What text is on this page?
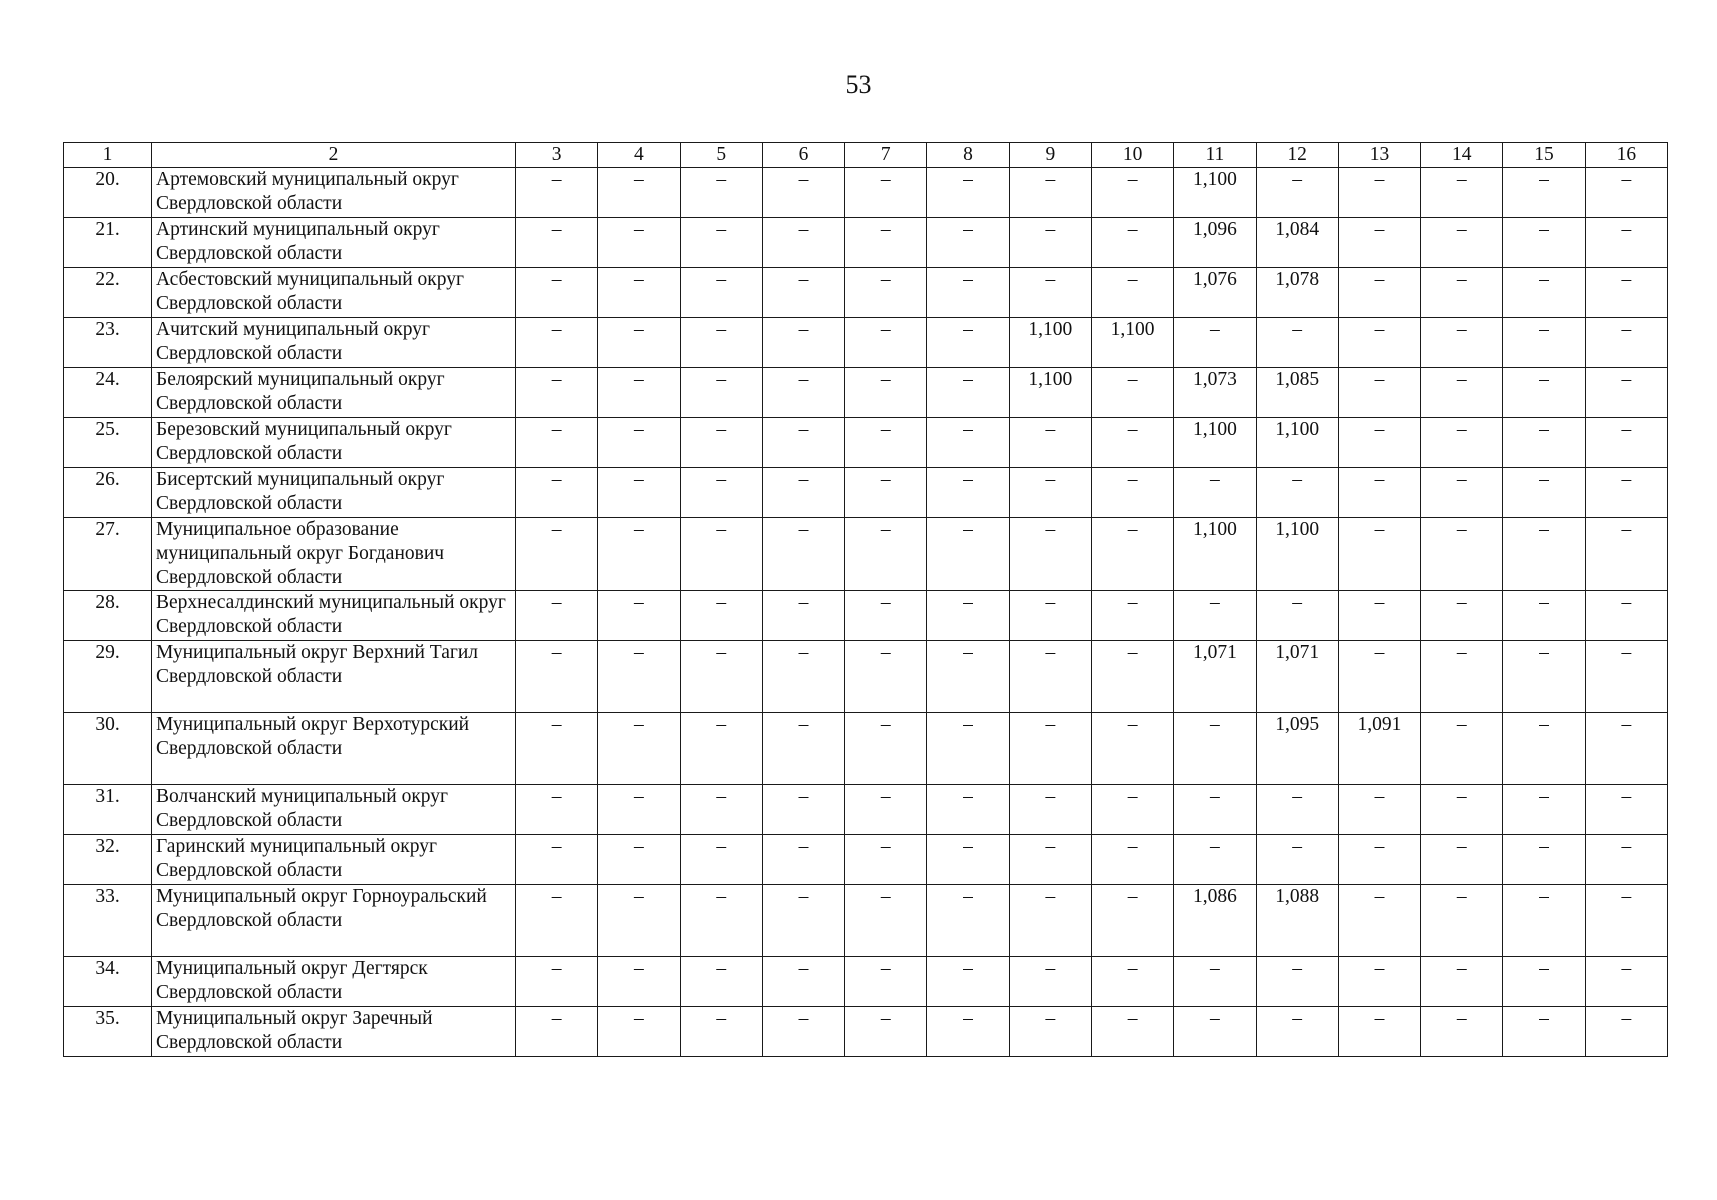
53
1	2	3	4	5	6	7	8	9	10	11	12	13	14	15	16
20.	Артемовский муниципальный округ Свердловской области	–	–	–	–	–	–	–	–	1,100	–	–	–	–	–
21.	Артинский муниципальный округ Свердловской области	–	–	–	–	–	–	–	–	1,096	1,084	–	–	–	–
22.	Асбестовский муниципальный округ Свердловской области	–	–	–	–	–	–	–	–	1,076	1,078	–	–	–	–
23.	Ачитский муниципальный округ Свердловской области	–	–	–	–	–	–	1,100	1,100	–	–	–	–	–	–
24.	Белоярский муниципальный округ Свердловской области	–	–	–	–	–	–	1,100	–	1,073	1,085	–	–	–	–
25.	Березовский муниципальный округ Свердловской области	–	–	–	–	–	–	–	–	1,100	1,100	–	–	–	–
26.	Бисертский муниципальный округ Свердловской области	–	–	–	–	–	–	–	–	–	–	–	–	–	–
27.	Муниципальное образование муниципальный округ Богданович Свердловской области	–	–	–	–	–	–	–	–	1,100	1,100	–	–	–	–
28.	Верхнесалдинский муниципальный округ Свердловской области	–	–	–	–	–	–	–	–	–	–	–	–	–	–
29.	Муниципальный округ Верхний Тагил Свердловской области	–	–	–	–	–	–	–	–	1,071	1,071	–	–	–	–
30.	Муниципальный округ Верхотурский Свердловской области	–	–	–	–	–	–	–	–	–	1,095	1,091	–	–	–
31.	Волчанский муниципальный округ Свердловской области	–	–	–	–	–	–	–	–	–	–	–	–	–	–
32.	Гаринский муниципальный округ Свердловской области	–	–	–	–	–	–	–	–	–	–	–	–	–	–
33.	Муниципальный округ Горноуральский Свердловской области	–	–	–	–	–	–	–	–	1,086	1,088	–	–	–	–
34.	Муниципальный округ Дегтярск Свердловской области	–	–	–	–	–	–	–	–	–	–	–	–	–	–
35.	Муниципальный округ Заречный Свердловской области	–	–	–	–	–	–	–	–	–	–	–	–	–	–
